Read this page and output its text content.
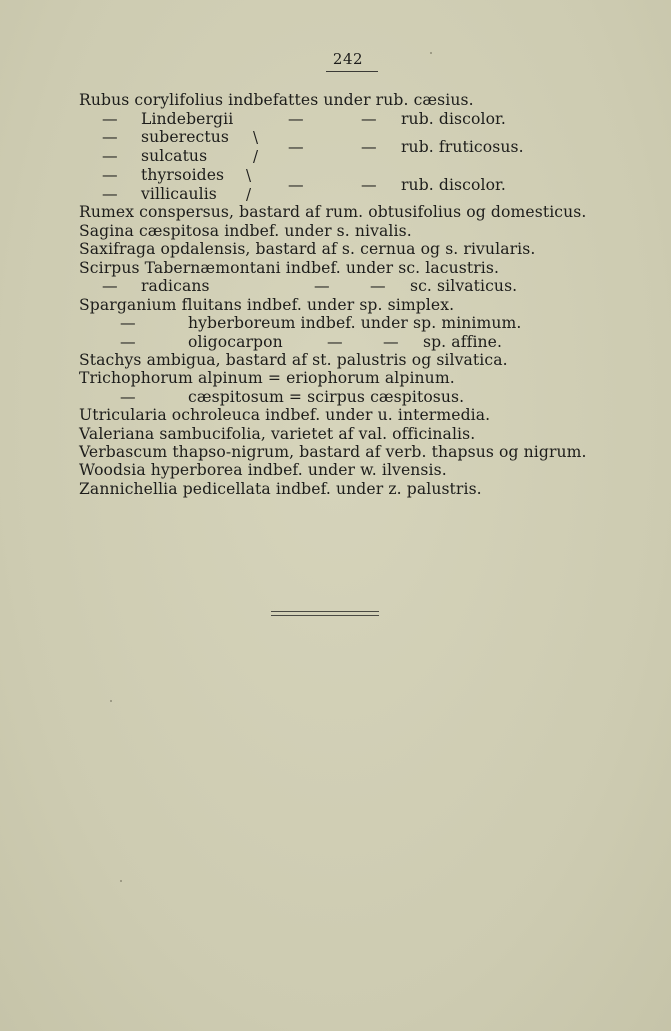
242
Rubus corylifolius indbefattes under rub. cæsius.
— Lindebergii	—	— rub. discolor.
— suberectus \
— sulcatus	/ —	— rub. fruticosus.
— thyrsoides \
— villicaulis / —	— rub. discolor.
Rumex conspersus, bastard af rum. obtusifolius og domesticus.
Sagina cæspitosa indbef. under s. nivalis.
Saxifraga opdalensis, bastard af s. cernua og s. rivularis.
Scirpus Tabernæmontani indbef. under sc. lacustris.
— radicans	—	— sc. silvaticus.
Sparganium fluitans indbef. under sp. simplex.
—	hyberboreum indbef. under sp. minimum.
—	oligocarpon	—	— sp. affine.
Stachys ambigua, bastard af st. palustris og silvatica.
Trichophorum alpinum = eriophorum alpinum.
—	cæspitosum = scirpus cæspitosus.
Utricularia ochroleuca indbef. under u. intermedia.
Valeriana sambucifolia, varietet af val. officinalis.
Verbascum thapso-nigrum, bastard af verb. thapsus og nigrum.
Woodsia hyperborea indbef. under w. ilvensis.
Zannichellia pedicellata indbef. under z. palustris.
